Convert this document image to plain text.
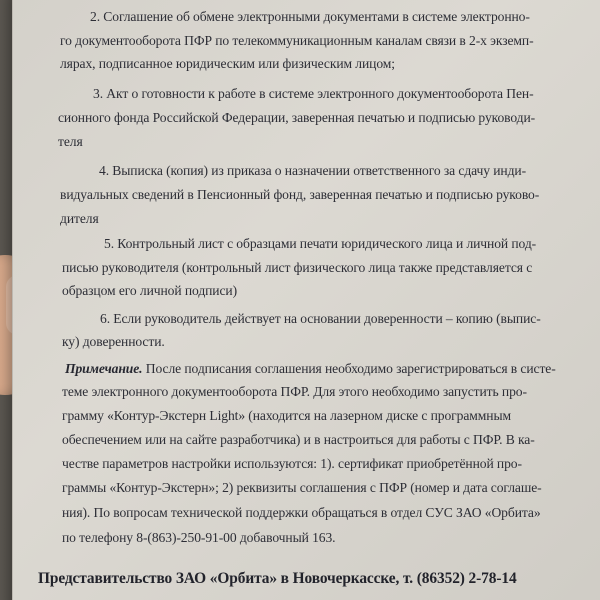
2. Соглашение об обмене электронными документами в системе электронно-
го документооборота ПФР по телекоммуникационным каналам связи в 2-х экземп-
лярах, подписанное юридическим или физическим лицом;
3. Акт о готовности к работе в системе электронного документооборота Пен-
сионного фонда Российской Федерации, заверенная печатью и подписью руководи-
теля
4. Выписка (копия) из приказа о назначении ответственного за сдачу инди-
видуальных сведений в Пенсионный фонд, заверенная печатью и подписью руково-
дителя
5. Контрольный лист с образцами печати юридического лица и личной под-
писью руководителя (контрольный лист физического лица также представляется с
образцом его личной подписи)
6. Если руководитель действует на основании доверенности – копию (выпис-
ку) доверенности.
Примечание. После подписания соглашения необходимо зарегистрироваться в систе-
теме электронного документооборота ПФР. Для этого необходимо запустить про-
грамму «Контур-Экстерн Light» (находится на лазерном диске с программным
обеспечением или на сайте разработчика) и в настроиться для работы с ПФР. В ка-
честве параметров настройки используются: 1). сертификат приобретённой про-
граммы «Контур-Экстерн»; 2) реквизиты соглашения с ПФР (номер и дата соглаше-
ния). По вопросам технической поддержки обращаться в отдел СУС ЗАО «Орбита»
по телефону 8-(863)-250-91-00 добавочный 163.
Представительство ЗАО «Орбита» в Новочеркасске, т. (86352) 2-78-14
